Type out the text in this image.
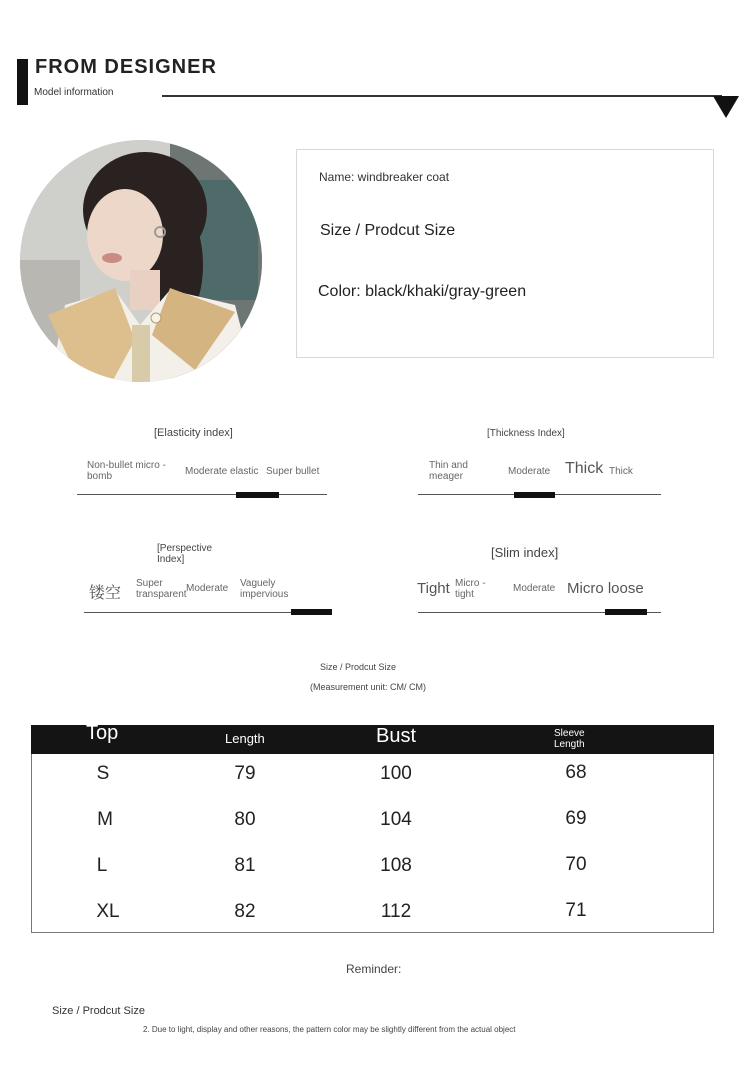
FROM DESIGNER
Model information
Name: windbreaker coat
Size / Prodcut Size
Color: black/khaki/gray-green
[Elasticity index]
Non-bullet micro -bomb	Moderate elastic Super bullet
[Thickness Index]
Thin and meager	Moderate Thick Thick
[Perspective Index]
镂空
Super transparent
Moderate Vaguely impervious
[Slim index]
Tight Micro -tight
Moderate Micro loose
Size / Prodcut Size
(Measurement unit: CM/ CM)
Top	Length	Bust	Sleeve Length
S	79	100	68
M	80	104	69
L	81	108	70
XL	82	112	71
Reminder:
Size / Prodcut Size
2. Due to light, display and other reasons, the pattern color may be slightly different from the actual object
